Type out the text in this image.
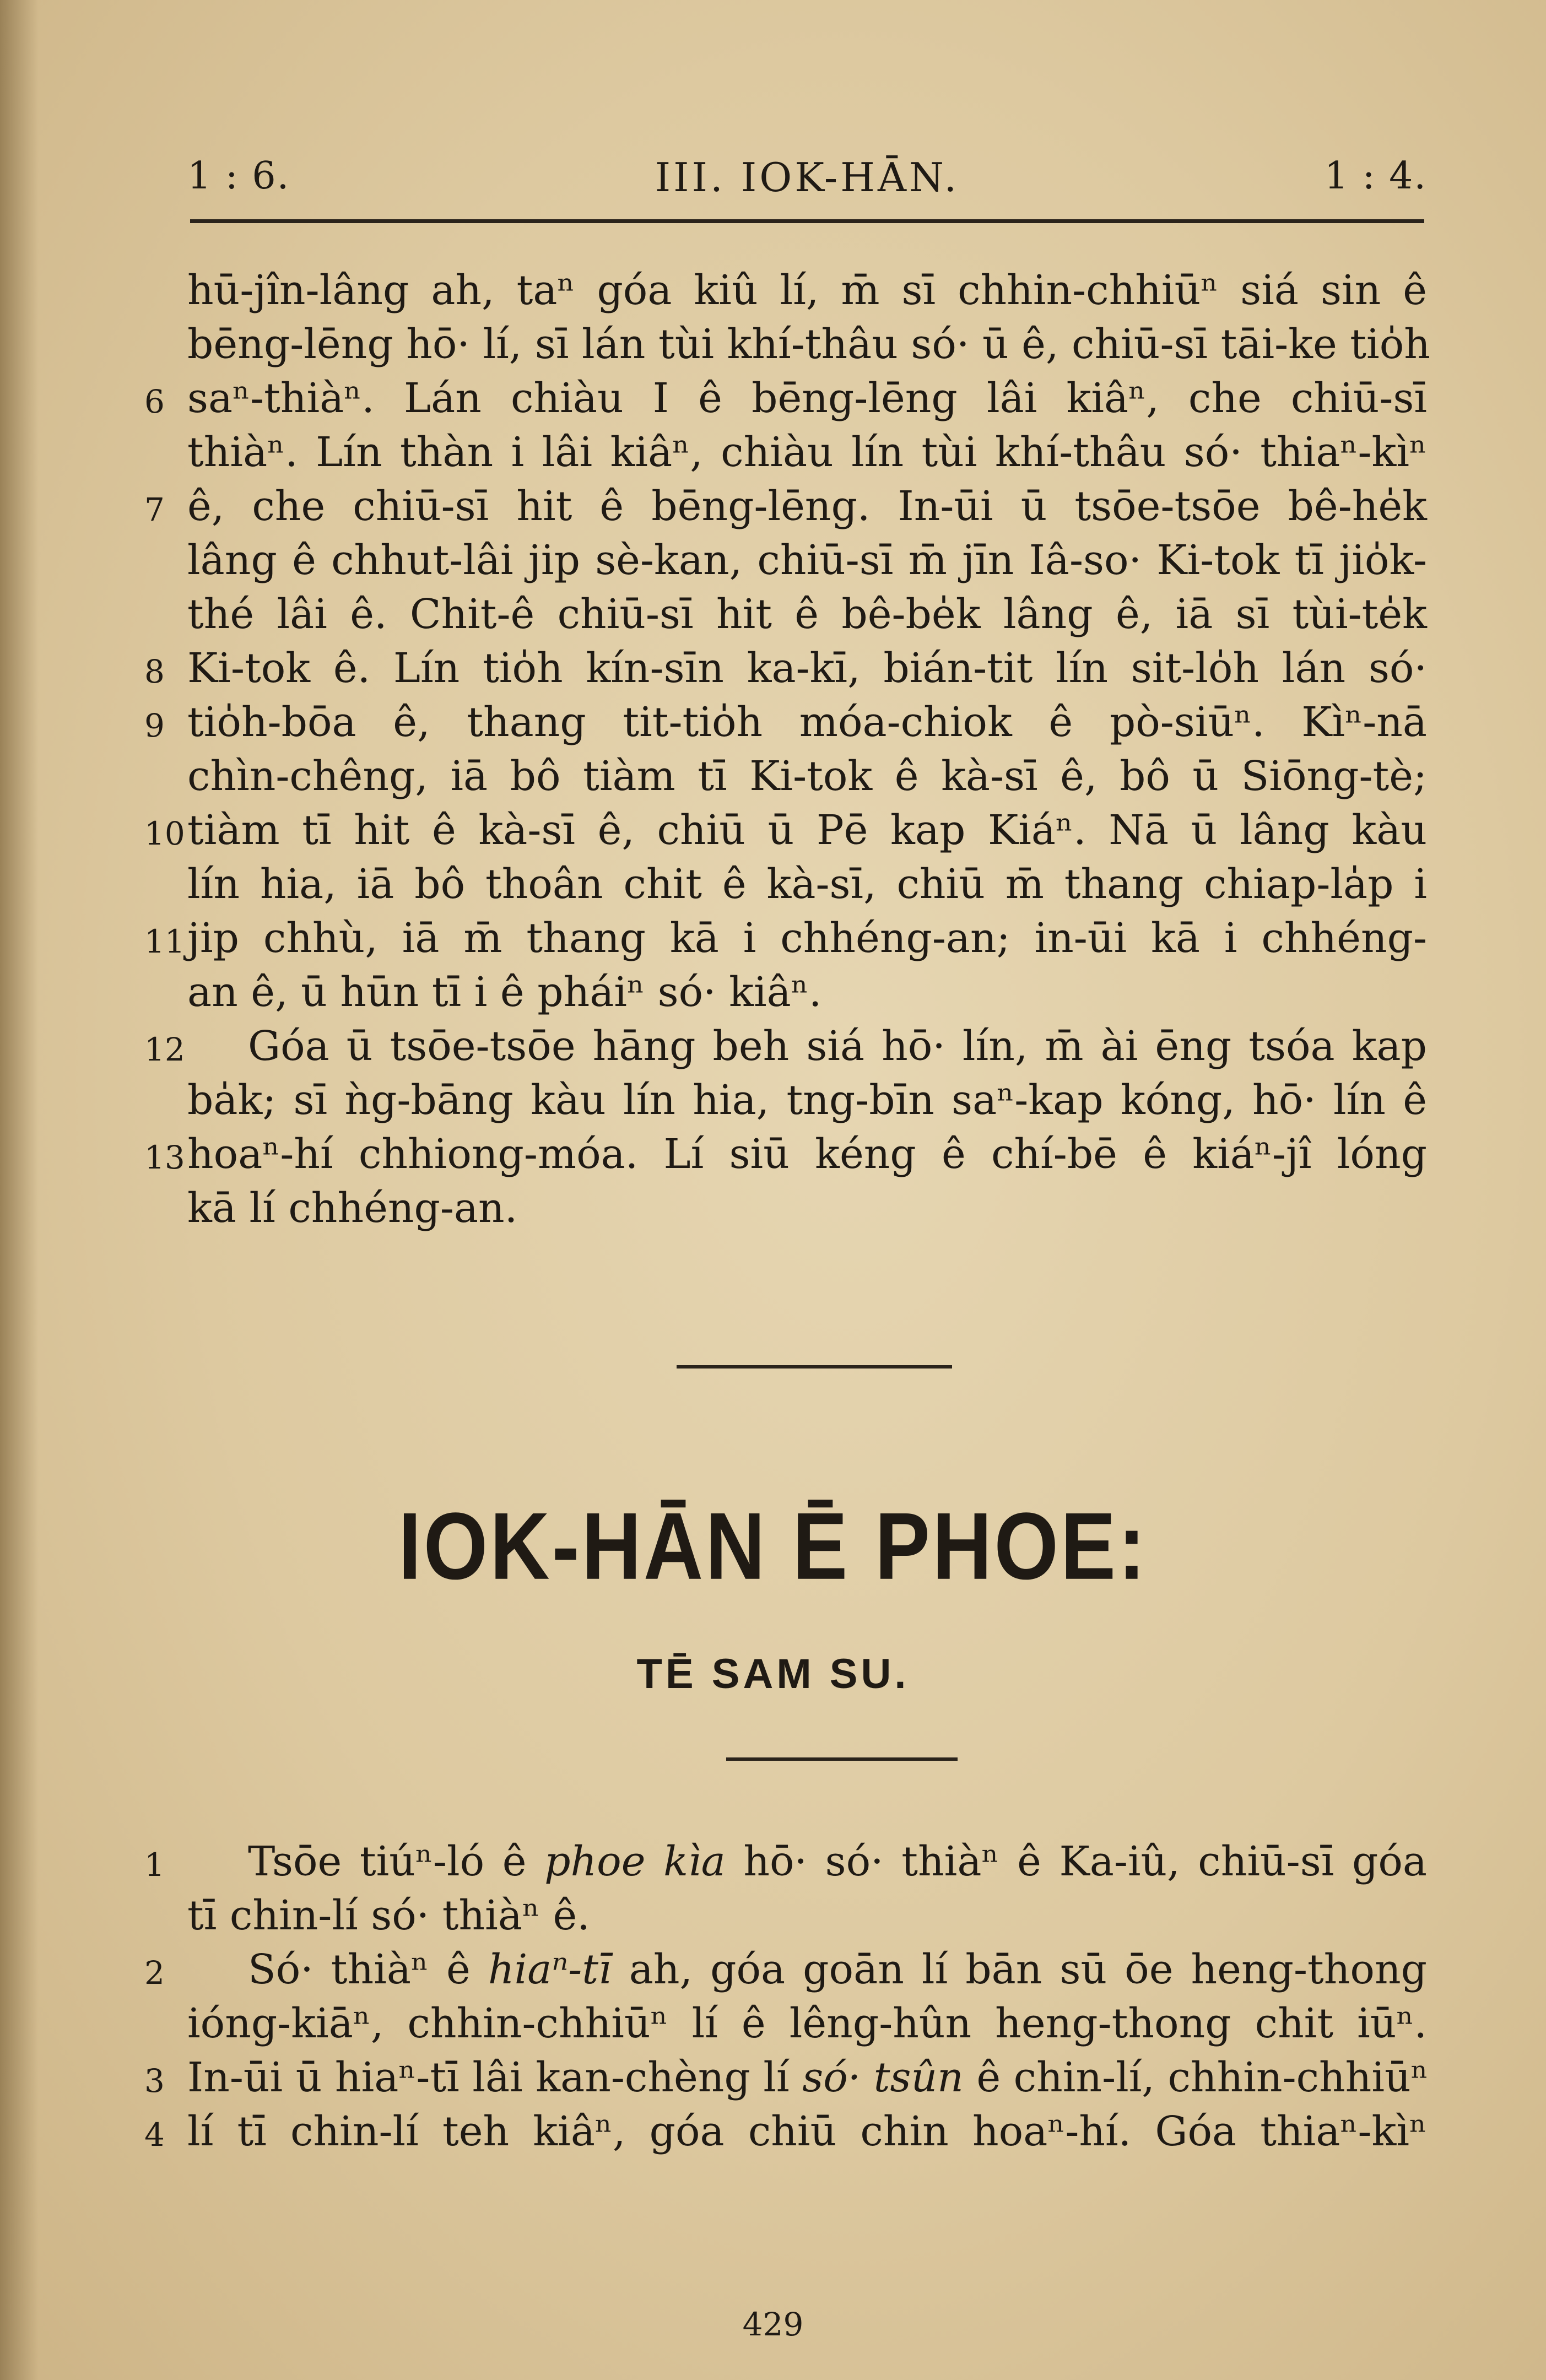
1 : 6.	III. IOK-HĀN.	1 : 4.
hū-jîn-lâng ah, taⁿ góa kiû lí, m̄ sī chhin-chhiūⁿ siá sin ê
bēng-lēng hō· lí, sī lán tùi khí-thâu só· ū ê, chiū-sī tāi-ke tio̍h
6 saⁿ-thiàⁿ. Lán chiàu I ê bēng-lēng lâi kiâⁿ, che chiū-sī
thiàⁿ. Lín thàn i lâi kiâⁿ, chiàu lín tùi khí-thâu só· thiaⁿ-kìⁿ
7 ê, che chiū-sī hit ê bēng-lēng. In-ūi ū tsōe-tsōe bê-he̍k
lâng ê chhut-lâi jip sè-kan, chiū-sī m̄ jīn Iâ-so· Ki-tok tī jio̍k-
thé lâi ê. Chit-ê chiū-sī hit ê bê-be̍k lâng ê, iā sī tùi-te̍k
8 Ki-tok ê. Lín tio̍h kín-sīn ka-kī, bián-tit lín sit-lo̍h lán só·
9 tio̍h-bōa ê, thang tit-tio̍h móa-chiok ê pò-siūⁿ. Kìⁿ-nā
chìn-chêng, iā bô tiàm tī Ki-tok ê kà-sī ê, bô ū Siōng-tè;
10 tiàm tī hit ê kà-sī ê, chiū ū Pē kap Kiáⁿ. Nā ū lâng kàu
lín hia, iā bô thoân chit ê kà-sī, chiū m̄ thang chiap-la̍p i
11 jip chhù, iā m̄ thang kā i chhéng-an; in-ūi kā i chhéng-
an ê, ū hūn tī i ê pháiⁿ só· kiâⁿ.
12 Góa ū tsōe-tsōe hāng beh siá hō· lín, m̄ ài ēng tsóa kap
ba̍k; sī ǹg-bāng kàu lín hia, tng-bīn saⁿ-kap kóng, hō· lín ê
13 hoaⁿ-hí chhiong-móa. Lí siū kéng ê chí-bē ê kiáⁿ-jî lóng
kā lí chhéng-an.
IOK-HĀN Ē PHOE:
TĒ SAM SU.
1	Tsōe tiúⁿ-ló ê phoe kìa hō· só· thiàⁿ ê Ka-iû, chiū-sī góa
tī chin-lí só· thiàⁿ ê.
2	Só· thiàⁿ ê hiaⁿ-tī ah, góa goān lí bān sū ōe heng-thong
ióng-kiāⁿ, chhin-chhiūⁿ lí ê lêng-hûn heng-thong chit iūⁿ.
3 In-ūi ū hiaⁿ-tī lâi kan-chèng lí só· tsûn ê chin-lí, chhin-chhiūⁿ
4 lí tī chin-lí teh kiâⁿ, góa chiū chin hoaⁿ-hí. Góa thiaⁿ-kìⁿ
429
